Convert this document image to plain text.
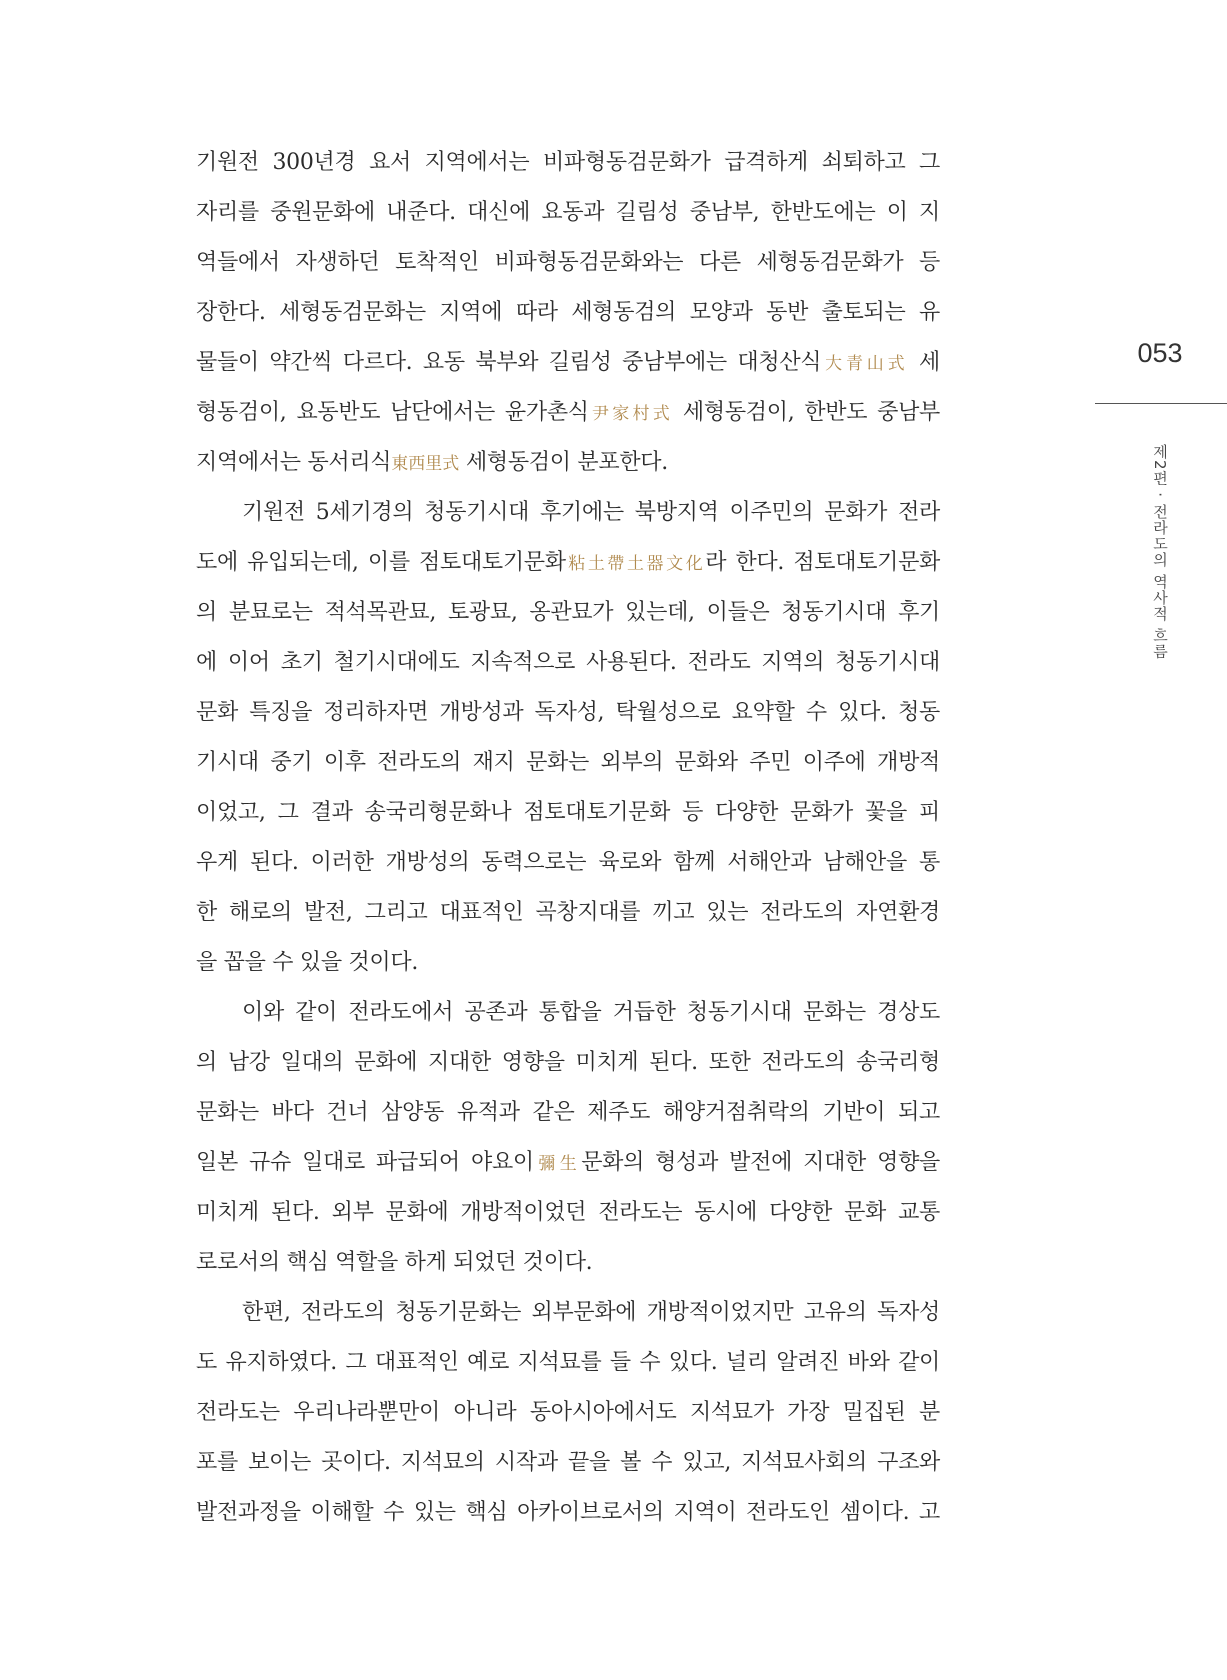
기원전 300년경 요서 지역에서는 비파형동검문화가 급격하게 쇠퇴하고 그
자리를 중원문화에 내준다. 대신에 요동과 길림성 중남부, 한반도에는 이 지
역들에서 자생하던 토착적인 비파형동검문화와는 다른 세형동검문화가 등
장한다. 세형동검문화는 지역에 따라 세형동검의 모양과 동반 출토되는 유
물들이 약간씩 다르다. 요동 북부와 길림성 중남부에는 대청산식大青山式 세
형동검이, 요동반도 남단에서는 윤가촌식尹家村式 세형동검이, 한반도 중남부
지역에서는 동서리식東西里式 세형동검이 분포한다.
기원전 5세기경의 청동기시대 후기에는 북방지역 이주민의 문화가 전라
도에 유입되는데, 이를 점토대토기문화粘土帶土器文化라 한다. 점토대토기문화
의 분묘로는 적석목관묘, 토광묘, 옹관묘가 있는데, 이들은 청동기시대 후기
에 이어 초기 철기시대에도 지속적으로 사용된다. 전라도 지역의 청동기시대
문화 특징을 정리하자면 개방성과 독자성, 탁월성으로 요약할 수 있다. 청동
기시대 중기 이후 전라도의 재지 문화는 외부의 문화와 주민 이주에 개방적
이었고, 그 결과 송국리형문화나 점토대토기문화 등 다양한 문화가 꽃을 피
우게 된다. 이러한 개방성의 동력으로는 육로와 함께 서해안과 남해안을 통
한 해로의 발전, 그리고 대표적인 곡창지대를 끼고 있는 전라도의 자연환경
을 꼽을 수 있을 것이다.
이와 같이 전라도에서 공존과 통합을 거듭한 청동기시대 문화는 경상도
의 남강 일대의 문화에 지대한 영향을 미치게 된다. 또한 전라도의 송국리형
문화는 바다 건너 삼양동 유적과 같은 제주도 해양거점취락의 기반이 되고
일본 규슈 일대로 파급되어 야요이彌生문화의 형성과 발전에 지대한 영향을
미치게 된다. 외부 문화에 개방적이었던 전라도는 동시에 다양한 문화 교통
로로서의 핵심 역할을 하게 되었던 것이다.
한편, 전라도의 청동기문화는 외부문화에 개방적이었지만 고유의 독자성
도 유지하였다. 그 대표적인 예로 지석묘를 들 수 있다. 널리 알려진 바와 같이
전라도는 우리나라뿐만이 아니라 동아시아에서도 지석묘가 가장 밀집된 분
포를 보이는 곳이다. 지석묘의 시작과 끝을 볼 수 있고, 지석묘사회의 구조와
발전과정을 이해할 수 있는 핵심 아카이브로서의 지역이 전라도인 셈이다. 고
053
제2편 · 전라도의 역사적 흐름
